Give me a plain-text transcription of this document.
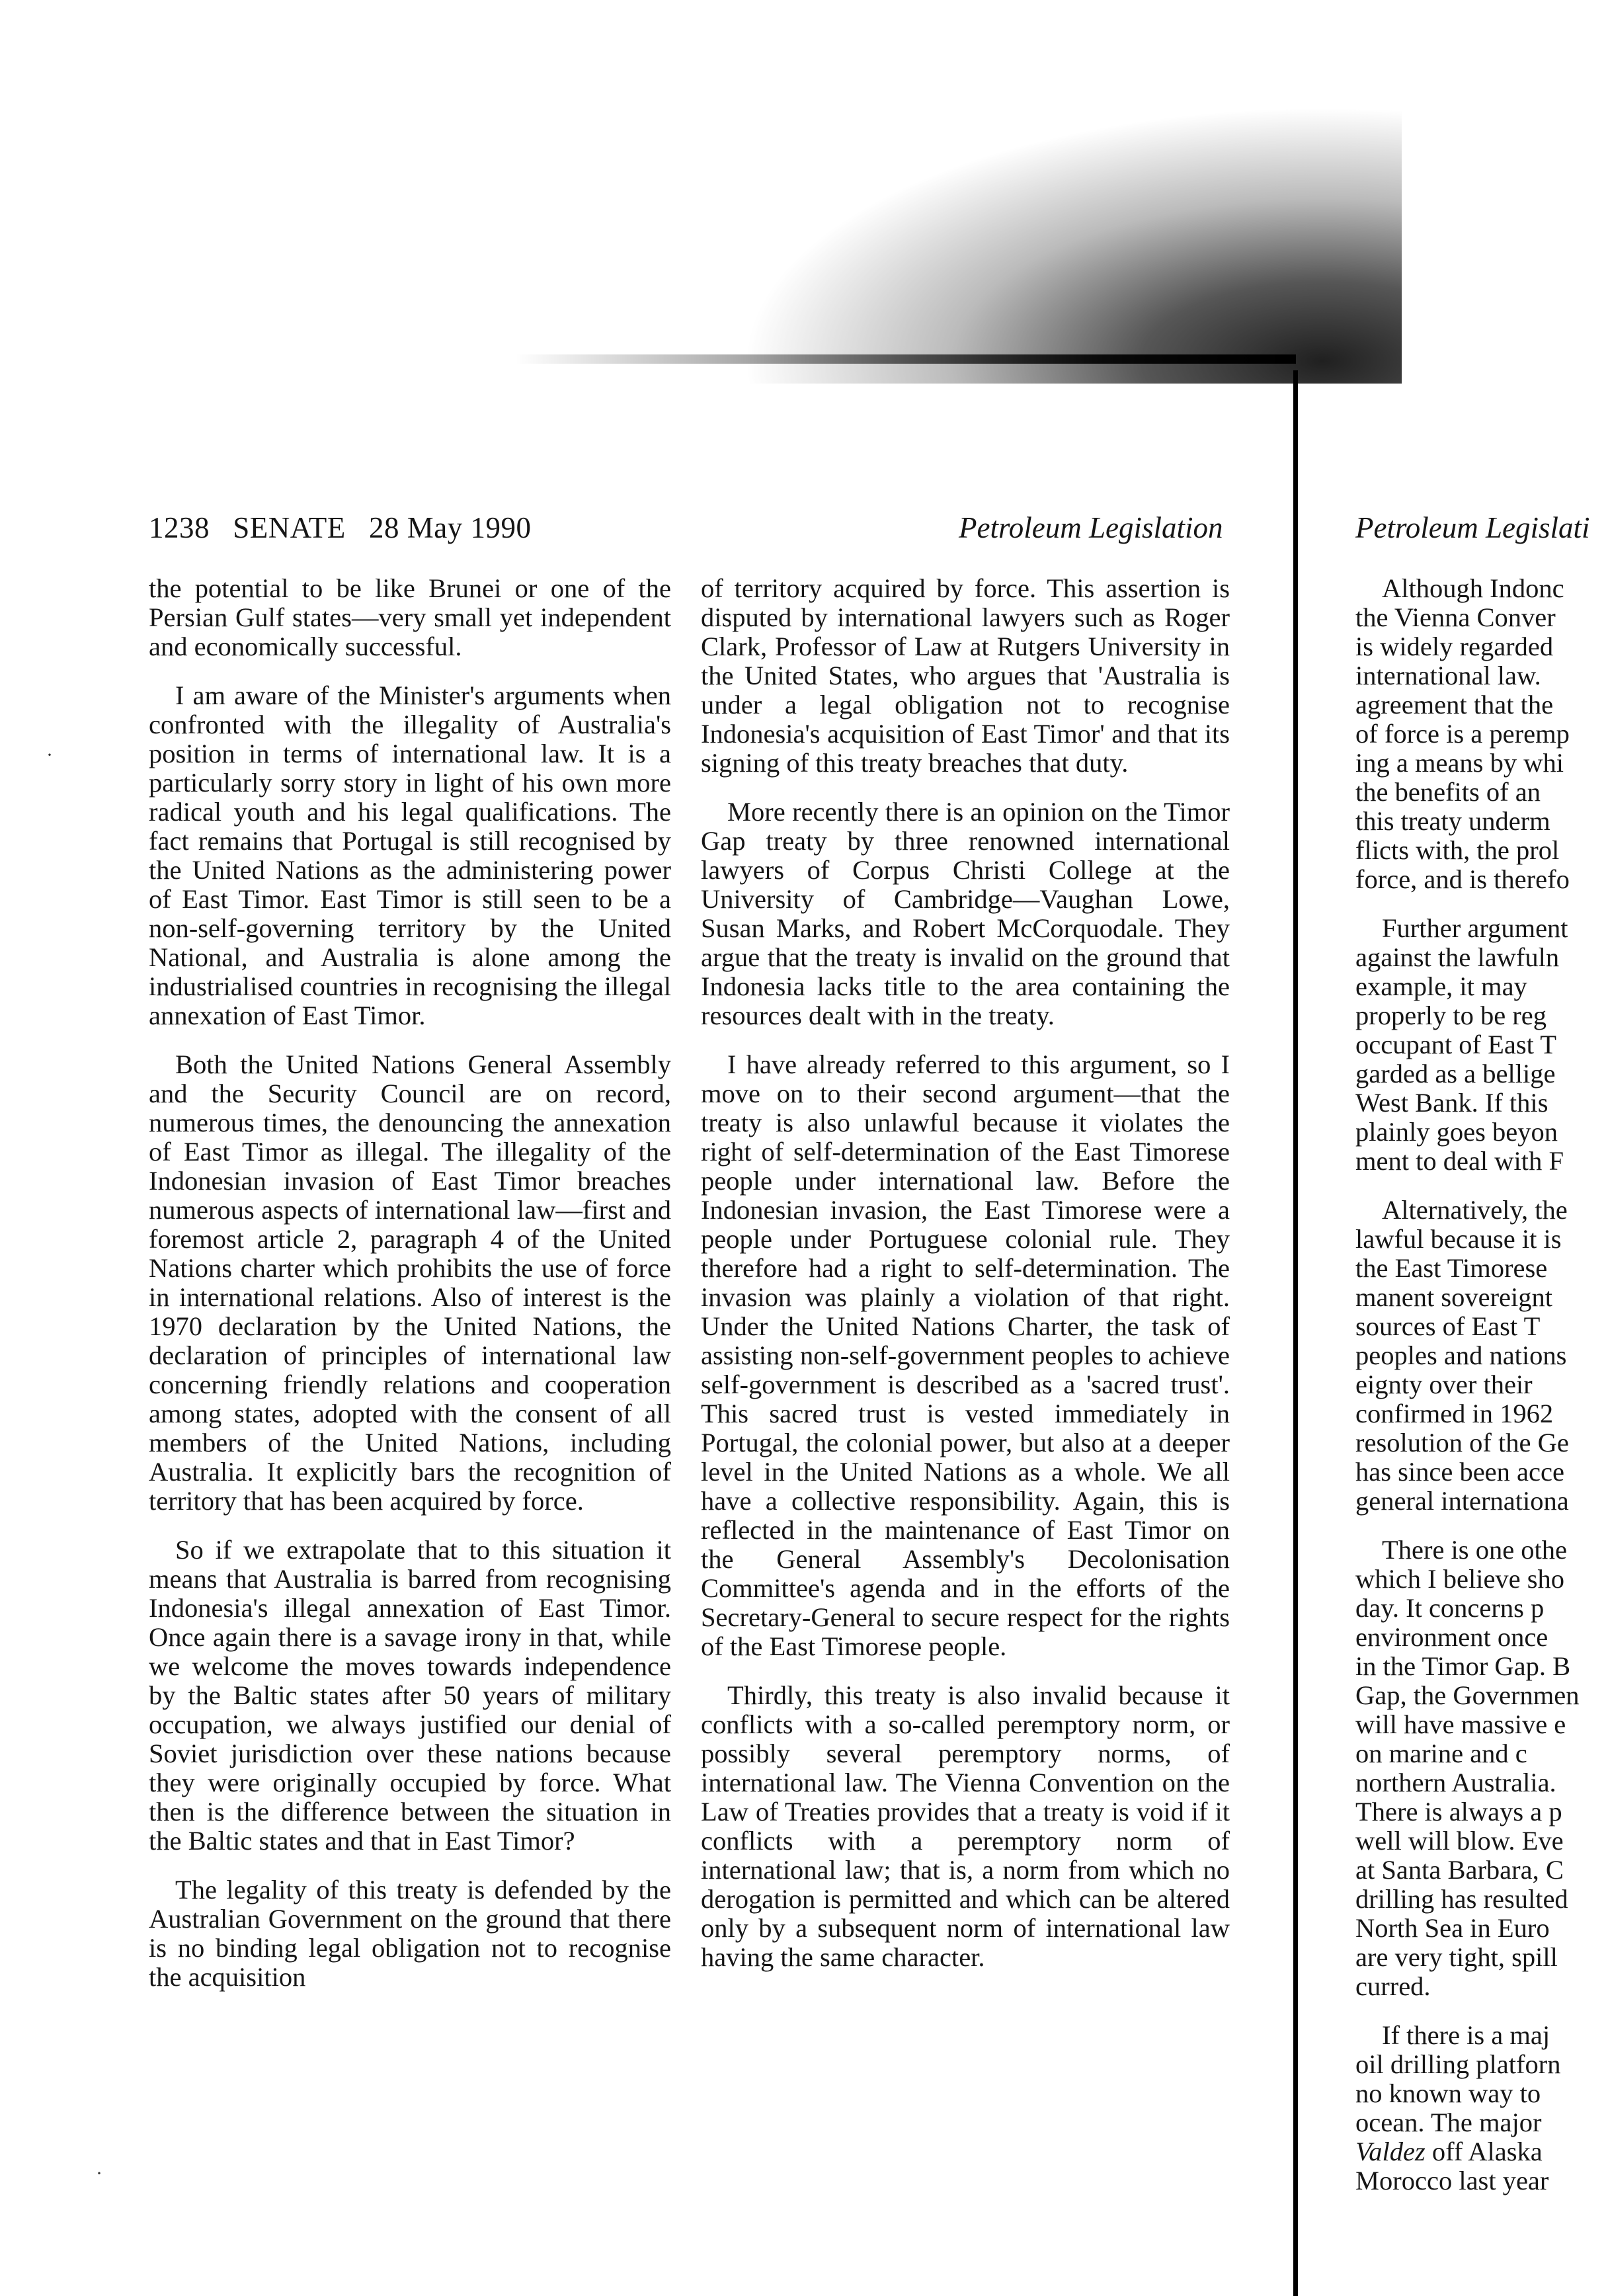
·
·
1238 SENATE 28 May 1990	Petroleum Legislation	Petroleum Legislati

the potential to be like Brunei or one of the Persian Gulf states—very small yet independent and economically successful.

I am aware of the Minister's arguments when confronted with the illegality of Australia's position in terms of international law. It is a particularly sorry story in light of his own more radical youth and his legal qualifications. The fact remains that Portugal is still recognised by the United Nations as the administering power of East Timor. East Timor is still seen to be a non-self-governing territory by the United National, and Australia is alone among the industrialised countries in recognising the illegal annexation of East Timor.

Both the United Nations General Assembly and the Security Council are on record, numerous times, the denouncing the annexation of East Timor as illegal. The illegality of the Indonesian invasion of East Timor breaches numerous aspects of international law—first and foremost article 2, paragraph 4 of the United Nations charter which prohibits the use of force in international relations. Also of interest is the 1970 declaration by the United Nations, the declaration of principles of international law concerning friendly relations and cooperation among states, adopted with the consent of all members of the United Nations, including Australia. It explicitly bars the recognition of territory that has been acquired by force.

So if we extrapolate that to this situation it means that Australia is barred from recognising Indonesia's illegal annexation of East Timor. Once again there is a savage irony in that, while we welcome the moves towards independence by the Baltic states after 50 years of military occupation, we always justified our denial of Soviet jurisdiction over these nations because they were originally occupied by force. What then is the difference between the situation in the Baltic states and that in East Timor?

The legality of this treaty is defended by the Australian Government on the ground that there is no binding legal obligation not to recognise the acquisition

of territory acquired by force. This assertion is disputed by international lawyers such as Roger Clark, Professor of Law at Rutgers University in the United States, who argues that 'Australia is under a legal obligation not to recognise Indonesia's acquisition of East Timor' and that its signing of this treaty breaches that duty.

More recently there is an opinion on the Timor Gap treaty by three renowned international lawyers of Corpus Christi College at the University of Cambridge—Vaughan Lowe, Susan Marks, and Robert McCorquodale. They argue that the treaty is invalid on the ground that Indonesia lacks title to the area containing the resources dealt with in the treaty.

I have already referred to this argument, so I move on to their second argument—that the treaty is also unlawful because it violates the right of self-determination of the East Timorese people under international law. Before the Indonesian invasion, the East Timorese were a people under Portuguese colonial rule. They therefore had a right to self-determination. The invasion was plainly a violation of that right. Under the United Nations Charter, the task of assisting non-self-government peoples to achieve self-government is described as a 'sacred trust'. This sacred trust is vested immediately in Portugal, the colonial power, but also at a deeper level in the United Nations as a whole. We all have a collective responsibility. Again, this is reflected in the maintenance of East Timor on the General Assembly's Decolonisation Committee's agenda and in the efforts of the Secretary-General to secure respect for the rights of the East Timorese people.

Thirdly, this treaty is also invalid because it conflicts with a so-called peremptory norm, or possibly several peremptory norms, of international law. The Vienna Convention on the Law of Treaties provides that a treaty is void if it conflicts with a peremptory norm of international law; that is, a norm from which no derogation is permitted and which can be altered only by a subsequent norm of international law having the same character.

Although Indonc
the Vienna Conver
is widely regarded
international law.
agreement that the
of force is a peremp
ing a means by whi
the benefits of an
this treaty underm
flicts with, the prol
force, and is therefo
Further argument
against the lawfuln
example, it may
properly to be reg
occupant of East T
garded as a bellige
West Bank. If this
plainly goes beyon
ment to deal with F
Alternatively, the
lawful because it is
the East Timorese
manent sovereignt
sources of East T
peoples and nations
eignty over their
confirmed in 1962
resolution of the Ge
has since been acce
general internationa
There is one othe
which I believe sho
day. It concerns p
environment once
in the Timor Gap. B
Gap, the Governmen
will have massive e
on marine and c
northern Australia.
There is always a p
well will blow. Eve
at Santa Barbara, C
drilling has resulted
North Sea in Euro
are very tight, spill
curred.
If there is a maj
oil drilling platforn
no known way to
ocean. The major
Valdez off Alaska
Morocco last year
